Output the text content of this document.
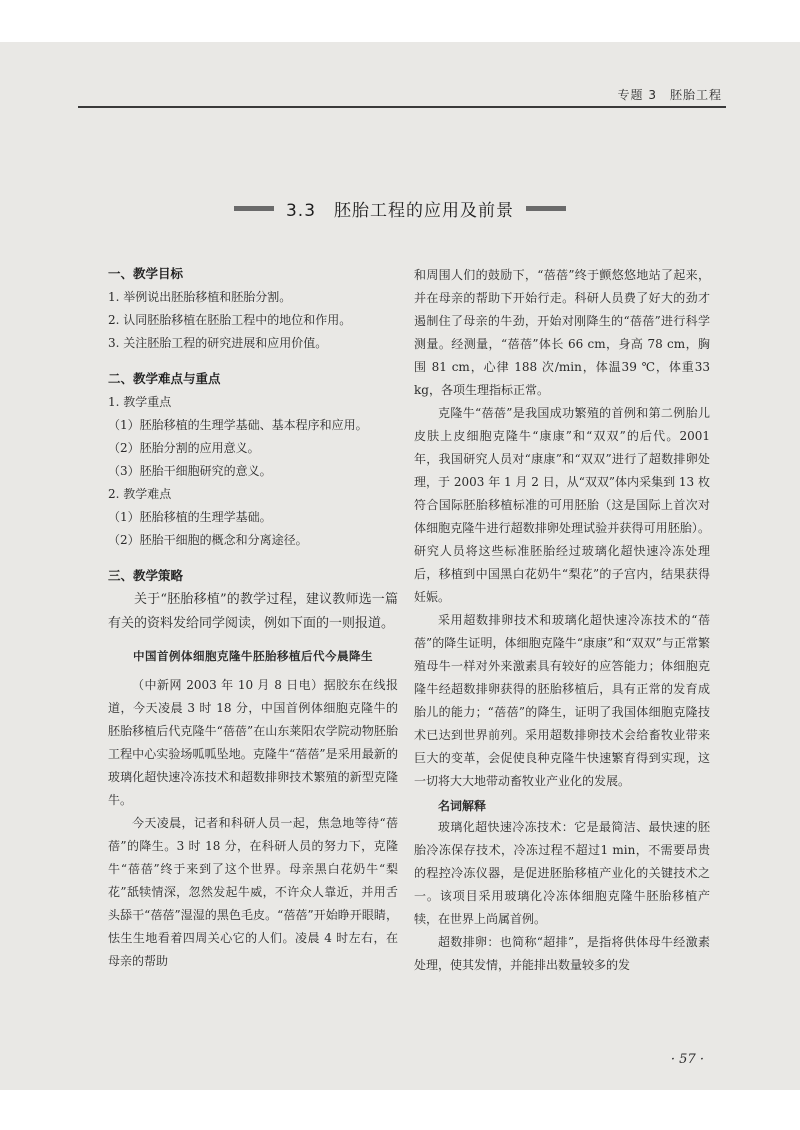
专题 3　胚胎工程
3.3　胚胎工程的应用及前景

一、教学目标

1. 举例说出胚胎移植和胚胎分割。

2. 认同胚胎移植在胚胎工程中的地位和作用。

3. 关注胚胎工程的研究进展和应用价值。

二、教学难点与重点

1. 教学重点

（1）胚胎移植的生理学基础、基本程序和应用。

（2）胚胎分割的应用意义。

（3）胚胎干细胞研究的意义。

2. 教学难点

（1）胚胎移植的生理学基础。

（2）胚胎干细胞的概念和分离途径。

三、教学策略

关于“胚胎移植”的教学过程，建议教师选一篇有关的资料发给同学阅读，例如下面的一则报道。

中国首例体细胞克隆牛胚胎移植后代今晨降生

（中新网 2003 年 10 月 8 日电）据胶东在线报道，今天凌晨 3 时 18 分，中国首例体细胞克隆牛的胚胎移植后代克隆牛“蓓蓓”在山东莱阳农学院动物胚胎工程中心实验场呱呱坠地。克隆牛“蓓蓓”是采用最新的玻璃化超快速冷冻技术和超数排卵技术繁殖的新型克隆牛。

今天凌晨，记者和科研人员一起，焦急地等待“蓓蓓”的降生。3 时 18 分，在科研人员的努力下，克隆牛“蓓蓓”终于来到了这个世界。母亲黑白花奶牛“梨花”舐犊情深，忽然发起牛威，不许众人靠近，并用舌头舔干“蓓蓓”湿湿的黑色毛皮。“蓓蓓”开始睁开眼睛，怯生生地看着四周关心它的人们。凌晨 4 时左右，在母亲的帮助

和周围人们的鼓励下，“蓓蓓”终于颤悠悠地站了起来，并在母亲的帮助下开始行走。科研人员费了好大的劲才遏制住了母亲的牛劲，开始对刚降生的“蓓蓓”进行科学测量。经测量，“蓓蓓”体长 66 cm，身高 78 cm，胸围 81 cm，心律 188 次/min，体温39 ℃，体重33 kg，各项生理指标正常。

克隆牛“蓓蓓”是我国成功繁殖的首例和第二例胎儿皮肤上皮细胞克隆牛“康康”和“双双”的后代。2001 年，我国研究人员对“康康”和“双双”进行了超数排卵处理，于 2003 年 1 月 2 日，从“双双”体内采集到 13 枚符合国际胚胎移植标准的可用胚胎（这是国际上首次对体细胞克隆牛进行超数排卵处理试验并获得可用胚胎）。研究人员将这些标准胚胎经过玻璃化超快速冷冻处理后，移植到中国黑白花奶牛“梨花”的子宫内，结果获得妊娠。

采用超数排卵技术和玻璃化超快速冷冻技术的“蓓蓓”的降生证明，体细胞克隆牛“康康”和“双双”与正常繁殖母牛一样对外来激素具有较好的应答能力；体细胞克隆牛经超数排卵获得的胚胎移植后，具有正常的发育成胎儿的能力；“蓓蓓”的降生，证明了我国体细胞克隆技术已达到世界前列。采用超数排卵技术会给畜牧业带来巨大的变革，会促使良种克隆牛快速繁育得到实现，这一切将大大地带动畜牧业产业化的发展。

名词解释

玻璃化超快速冷冻技术：它是最简洁、最快速的胚胎冷冻保存技术，冷冻过程不超过1 min，不需要昂贵的程控冷冻仪器，是促进胚胎移植产业化的关键技术之一。该项目采用玻璃化冷冻体细胞克隆牛胚胎移植产犊，在世界上尚属首例。

超数排卵：也简称“超排”，是指将供体母牛经激素处理，使其发情，并能排出数量较多的发

· 57 ·
